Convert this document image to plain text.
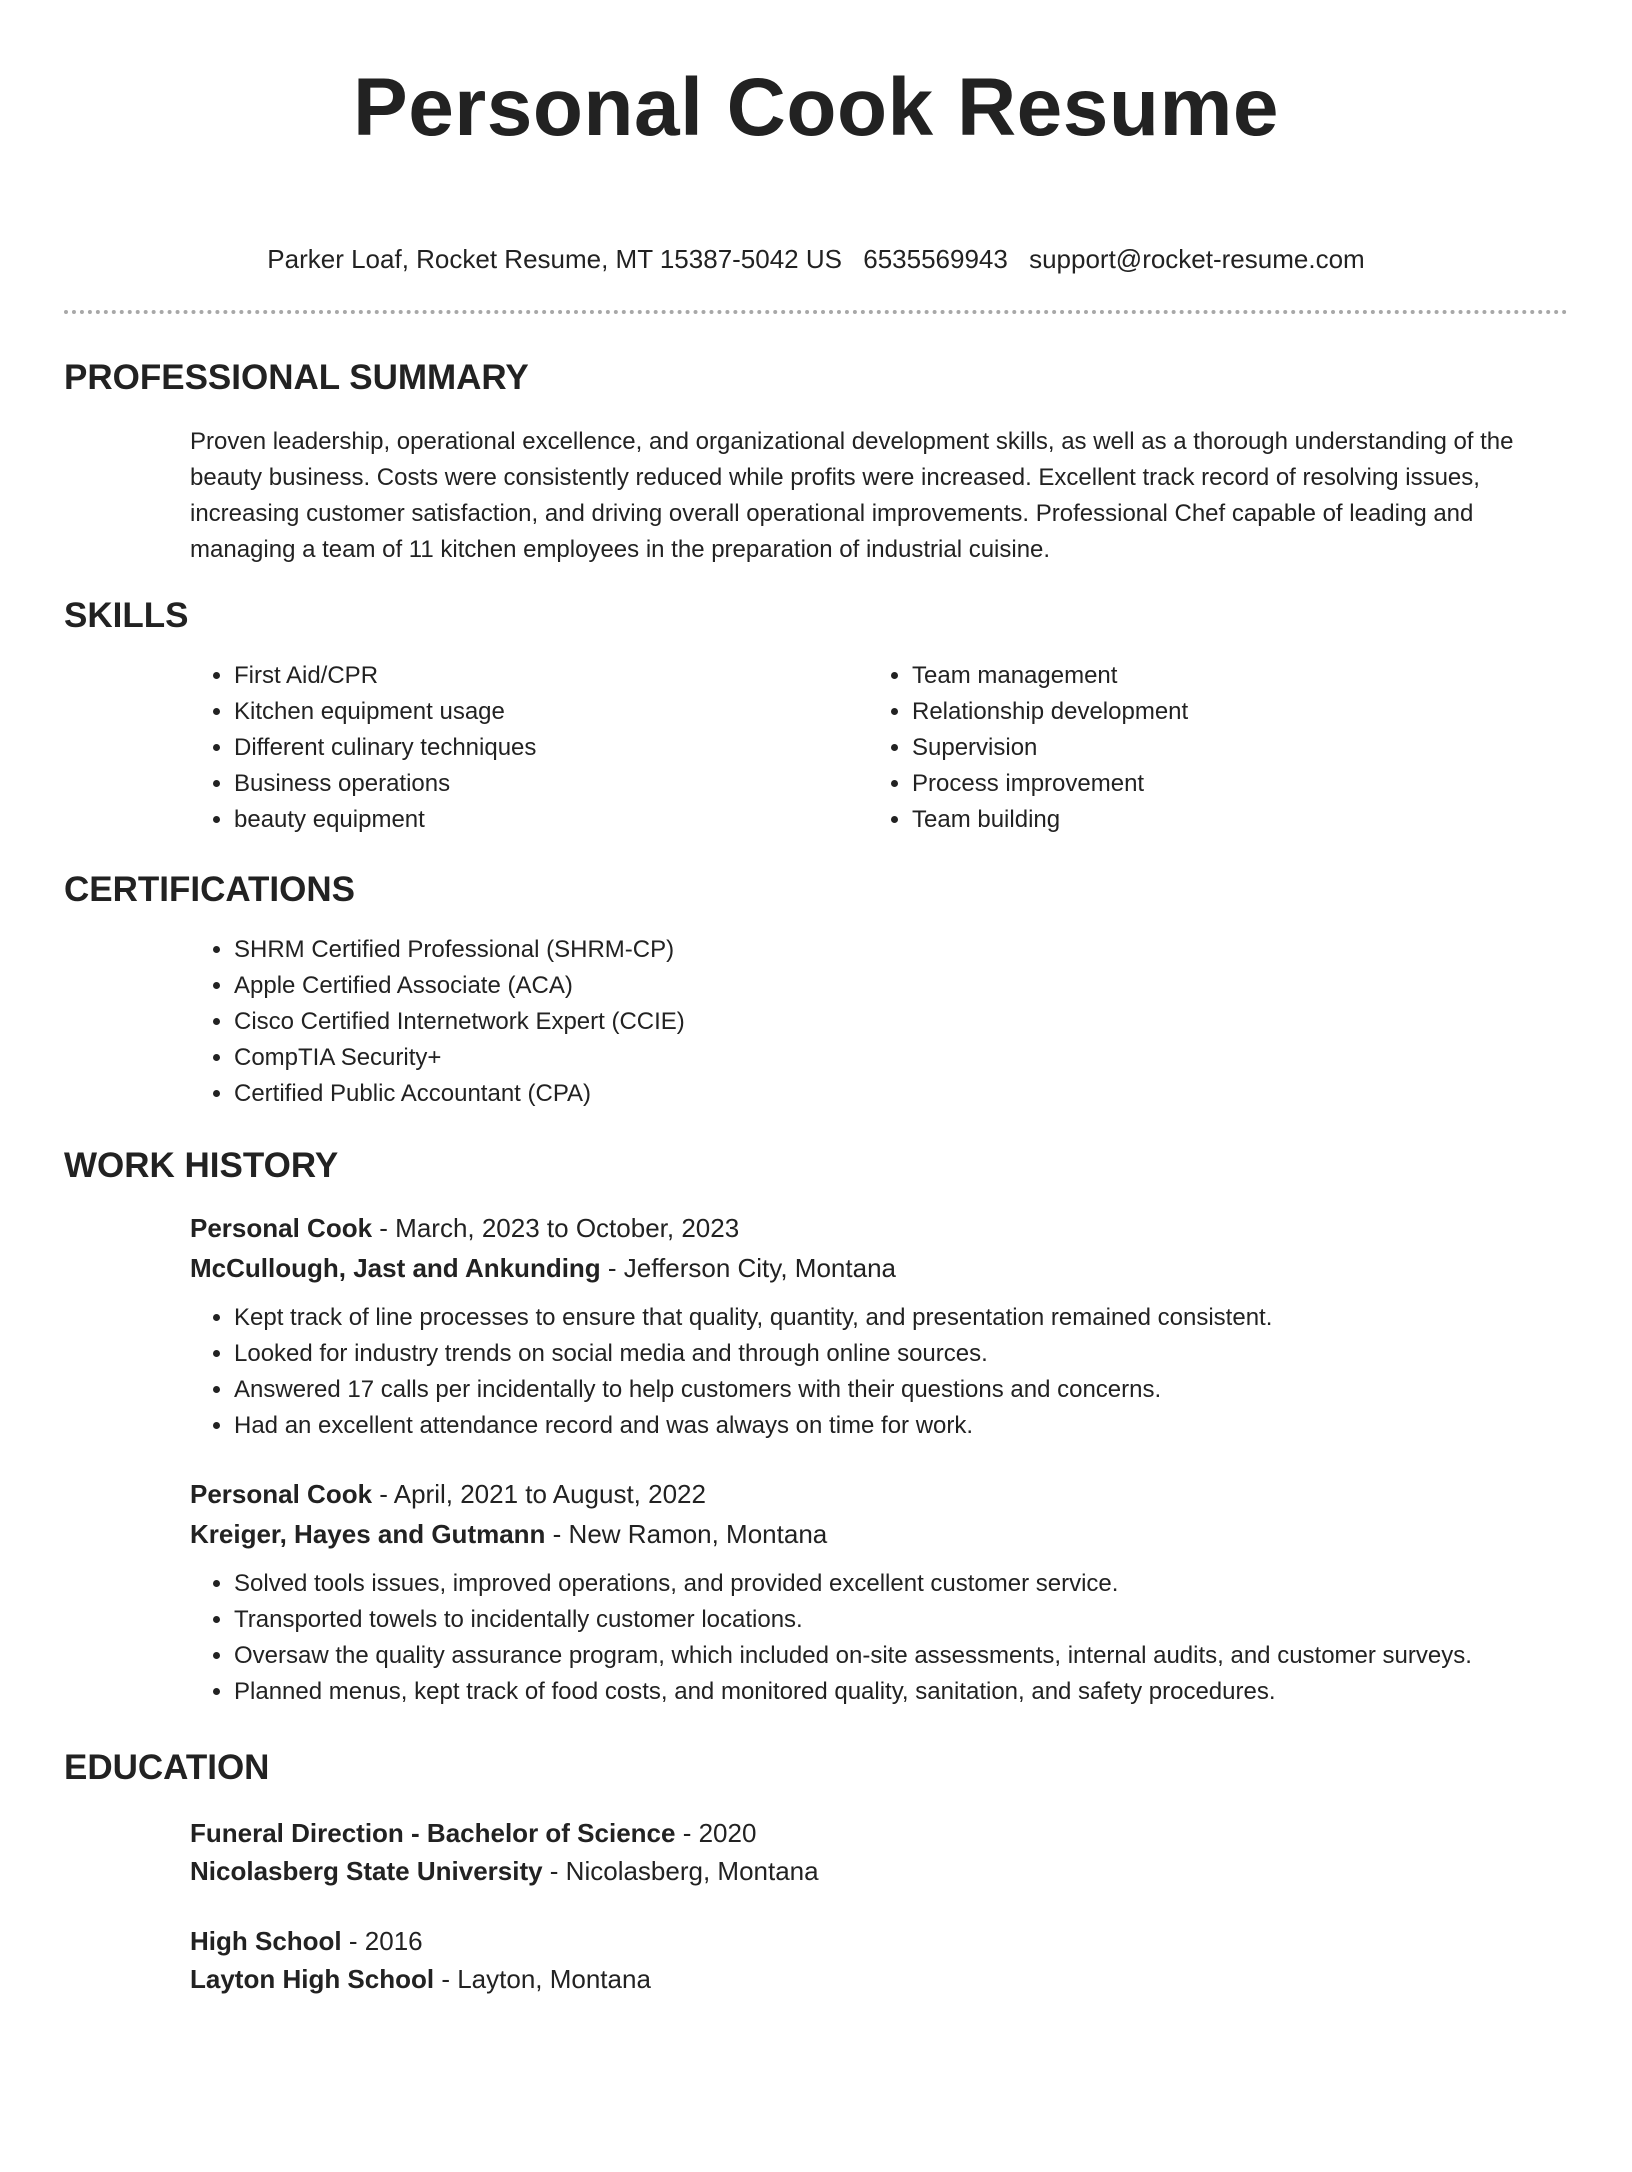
Personal Cook Resume
Parker Loaf, Rocket Resume, MT 15387-5042 US 6535569943 support@rocket-resume.com
PROFESSIONAL SUMMARY

Proven leadership, operational excellence, and organizational development skills, as well as a thorough understanding of the beauty business. Costs were consistently reduced while profits were increased. Excellent track record of resolving issues, increasing customer satisfaction, and driving overall operational improvements. Professional Chef capable of leading and managing a team of 11 kitchen employees in the preparation of industrial cuisine.

SKILLS
• First Aid/CPR
• Kitchen equipment usage
• Different culinary techniques
• Business operations
• beauty equipment
• Team management
• Relationship development
• Supervision
• Process improvement
• Team building
CERTIFICATIONS
• SHRM Certified Professional (SHRM-CP)
• Apple Certified Associate (ACA)
• Cisco Certified Internetwork Expert (CCIE)
• CompTIA Security+
• Certified Public Accountant (CPA)
WORK HISTORY
Personal Cook - March, 2023 to October, 2023
McCullough, Jast and Ankunding - Jefferson City, Montana
• Kept track of line processes to ensure that quality, quantity, and presentation remained consistent.
• Looked for industry trends on social media and through online sources.
• Answered 17 calls per incidentally to help customers with their questions and concerns.
• Had an excellent attendance record and was always on time for work.
Personal Cook - April, 2021 to August, 2022
Kreiger, Hayes and Gutmann - New Ramon, Montana
• Solved tools issues, improved operations, and provided excellent customer service.
• Transported towels to incidentally customer locations.
• Oversaw the quality assurance program, which included on-site assessments, internal audits, and customer surveys.
• Planned menus, kept track of food costs, and monitored quality, sanitation, and safety procedures.
EDUCATION
Funeral Direction - Bachelor of Science - 2020
Nicolasberg State University - Nicolasberg, Montana
High School - 2016
Layton High School - Layton, Montana
